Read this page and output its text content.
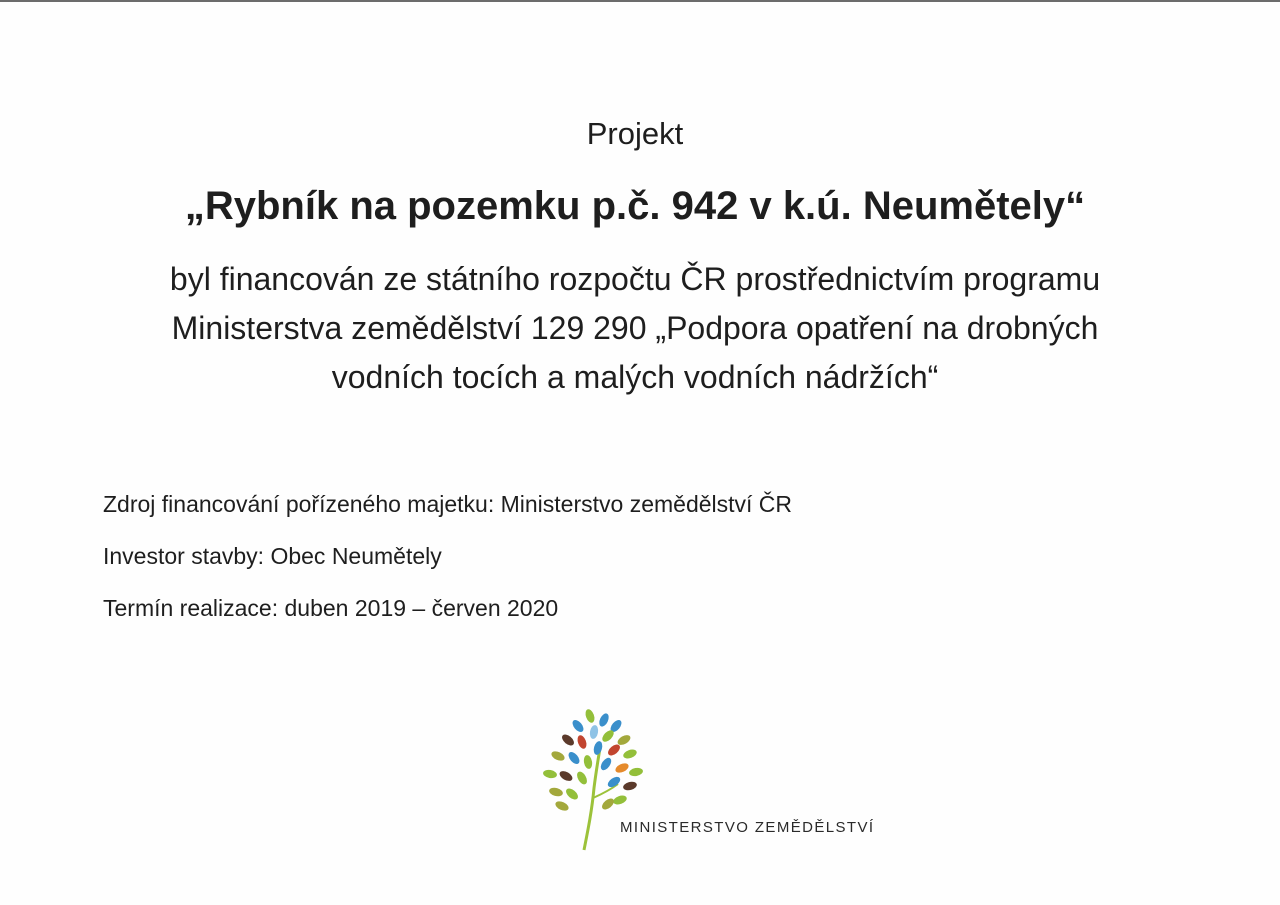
Projekt
„Rybník na pozemku p.č. 942 v k.ú. Neumětely“
byl financován ze státního rozpočtu ČR prostřednictvím programu
Ministerstva zemědělství 129 290 „Podpora opatření na drobných
vodních tocích a malých vodních nádržích“
Zdroj financování pořízeného majetku: Ministerstvo zemědělství ČR
Investor stavby: Obec Neumětely
Termín realizace: duben 2019 – červen 2020
MINISTERSTVO ZEMĚDĚLSTVÍ
